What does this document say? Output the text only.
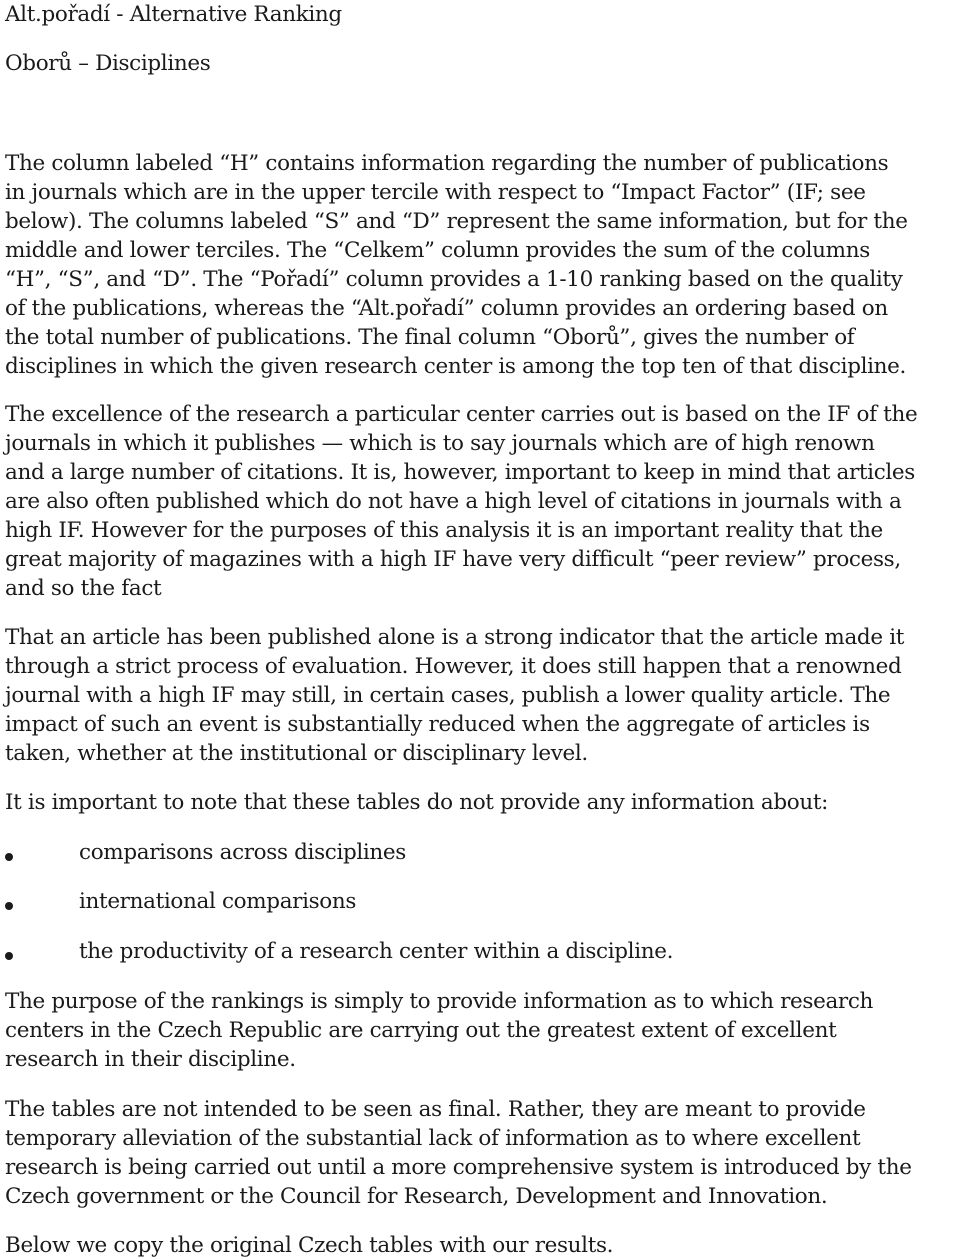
Alt.pořadí - Alternative Ranking
Oborů – Disciplines
The column labeled “H” contains information regarding the number of publications
in journals which are in the upper tercile with respect to “Impact Factor” (IF; see
below). The columns labeled “S” and “D” represent the same information, but for the
middle and lower terciles. The “Celkem” column provides the sum of the columns
“H”, “S”, and “D”. The “Pořadí” column provides a 1-10 ranking based on the quality
of the publications, whereas the “Alt.pořadí” column provides an ordering based on
the total number of publications. The final column “Oborů”, gives the number of
disciplines in which the given research center is among the top ten of that discipline.
The excellence of the research a particular center carries out is based on the IF of the
journals in which it publishes — which is to say journals which are of high renown
and a large number of citations. It is, however, important to keep in mind that articles
are also often published which do not have a high level of citations in journals with a
high IF. However for the purposes of this analysis it is an important reality that the
great majority of magazines with a high IF have very difficult “peer review” process,
and so the fact
That an article has been published alone is a strong indicator that the article made it
through a strict process of evaluation. However, it does still happen that a renowned
journal with a high IF may still, in certain cases, publish a lower quality article. The
impact of such an event is substantially reduced when the aggregate of articles is
taken, whether at the institutional or disciplinary level.
It is important to note that these tables do not provide any information about:
comparisons across disciplines
international comparisons
the productivity of a research center within a discipline.
The purpose of the rankings is simply to provide information as to which research
centers in the Czech Republic are carrying out the greatest extent of excellent
research in their discipline.
The tables are not intended to be seen as final. Rather, they are meant to provide
temporary alleviation of the substantial lack of information as to where excellent
research is being carried out until a more comprehensive system is introduced by the
Czech government or the Council for Research, Development and Innovation.
Below we copy the original Czech tables with our results.
